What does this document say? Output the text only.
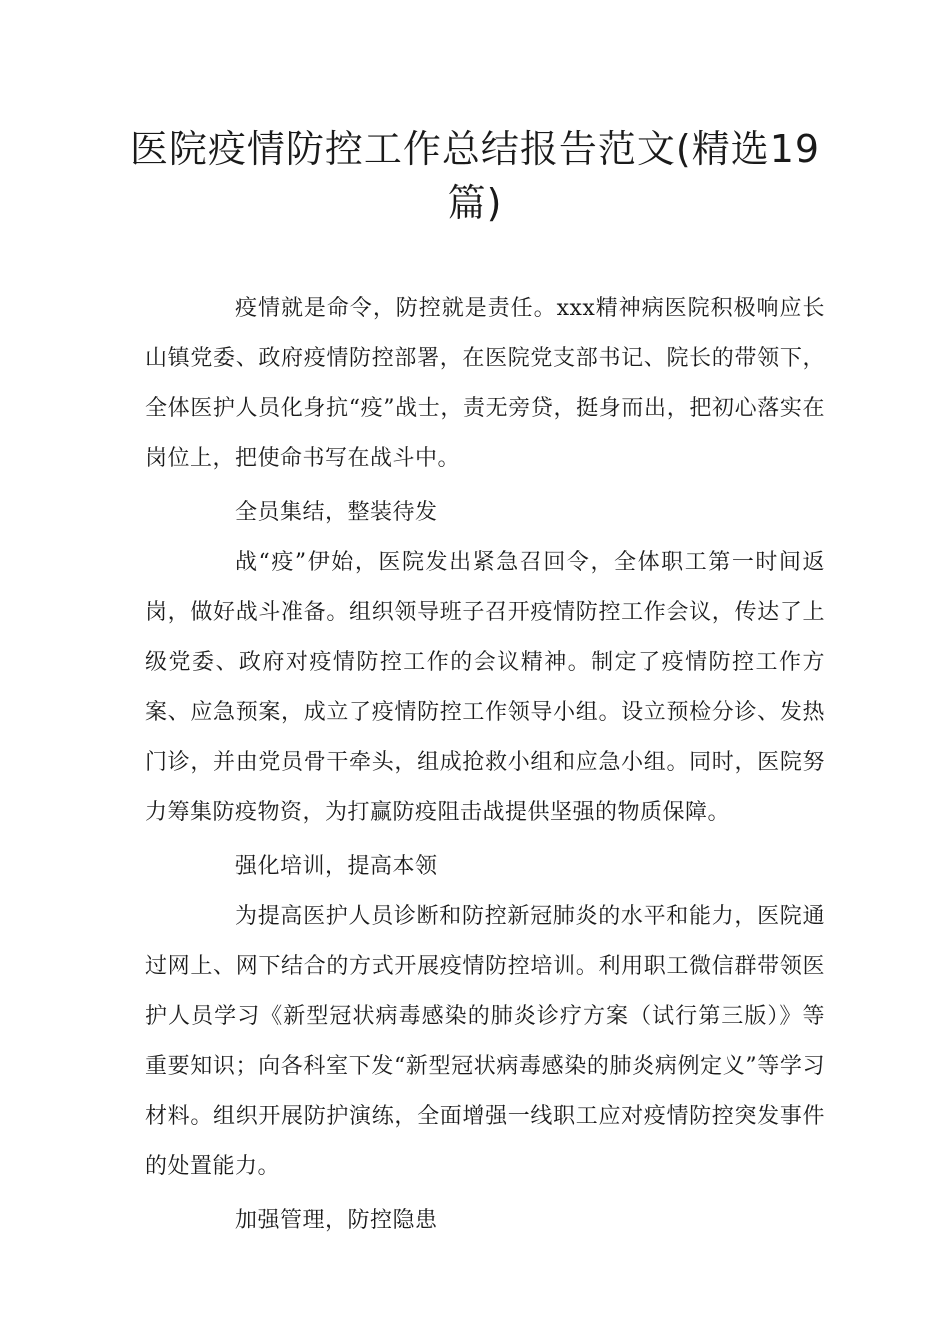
医院疫情防控工作总结报告范文(精选19篇)

疫情就是命令，防控就是责任。xxx精神病医院积极响应长山镇党委、政府疫情防控部署，在医院党支部书记、院长的带领下，全体医护人员化身抗“疫”战士，责无旁贷，挺身而出，把初心落实在岗位上，把使命书写在战斗中。

全员集结，整装待发

战“疫”伊始，医院发出紧急召回令，全体职工第一时间返岗，做好战斗准备。组织领导班子召开疫情防控工作会议，传达了上级党委、政府对疫情防控工作的会议精神。制定了疫情防控工作方案、应急预案，成立了疫情防控工作领导小组。设立预检分诊、发热门诊，并由党员骨干牵头，组成抢救小组和应急小组。同时，医院努力筹集防疫物资，为打赢防疫阻击战提供坚强的物质保障。

强化培训，提高本领

为提高医护人员诊断和防控新冠肺炎的水平和能力，医院通过网上、网下结合的方式开展疫情防控培训。利用职工微信群带领医护人员学习《新型冠状病毒感染的肺炎诊疗方案（试行第三版）》等重要知识；向各科室下发“新型冠状病毒感染的肺炎病例定义”等学习材料。组织开展防护演练，全面增强一线职工应对疫情防控突发事件的处置能力。

加强管理，防控隐患
